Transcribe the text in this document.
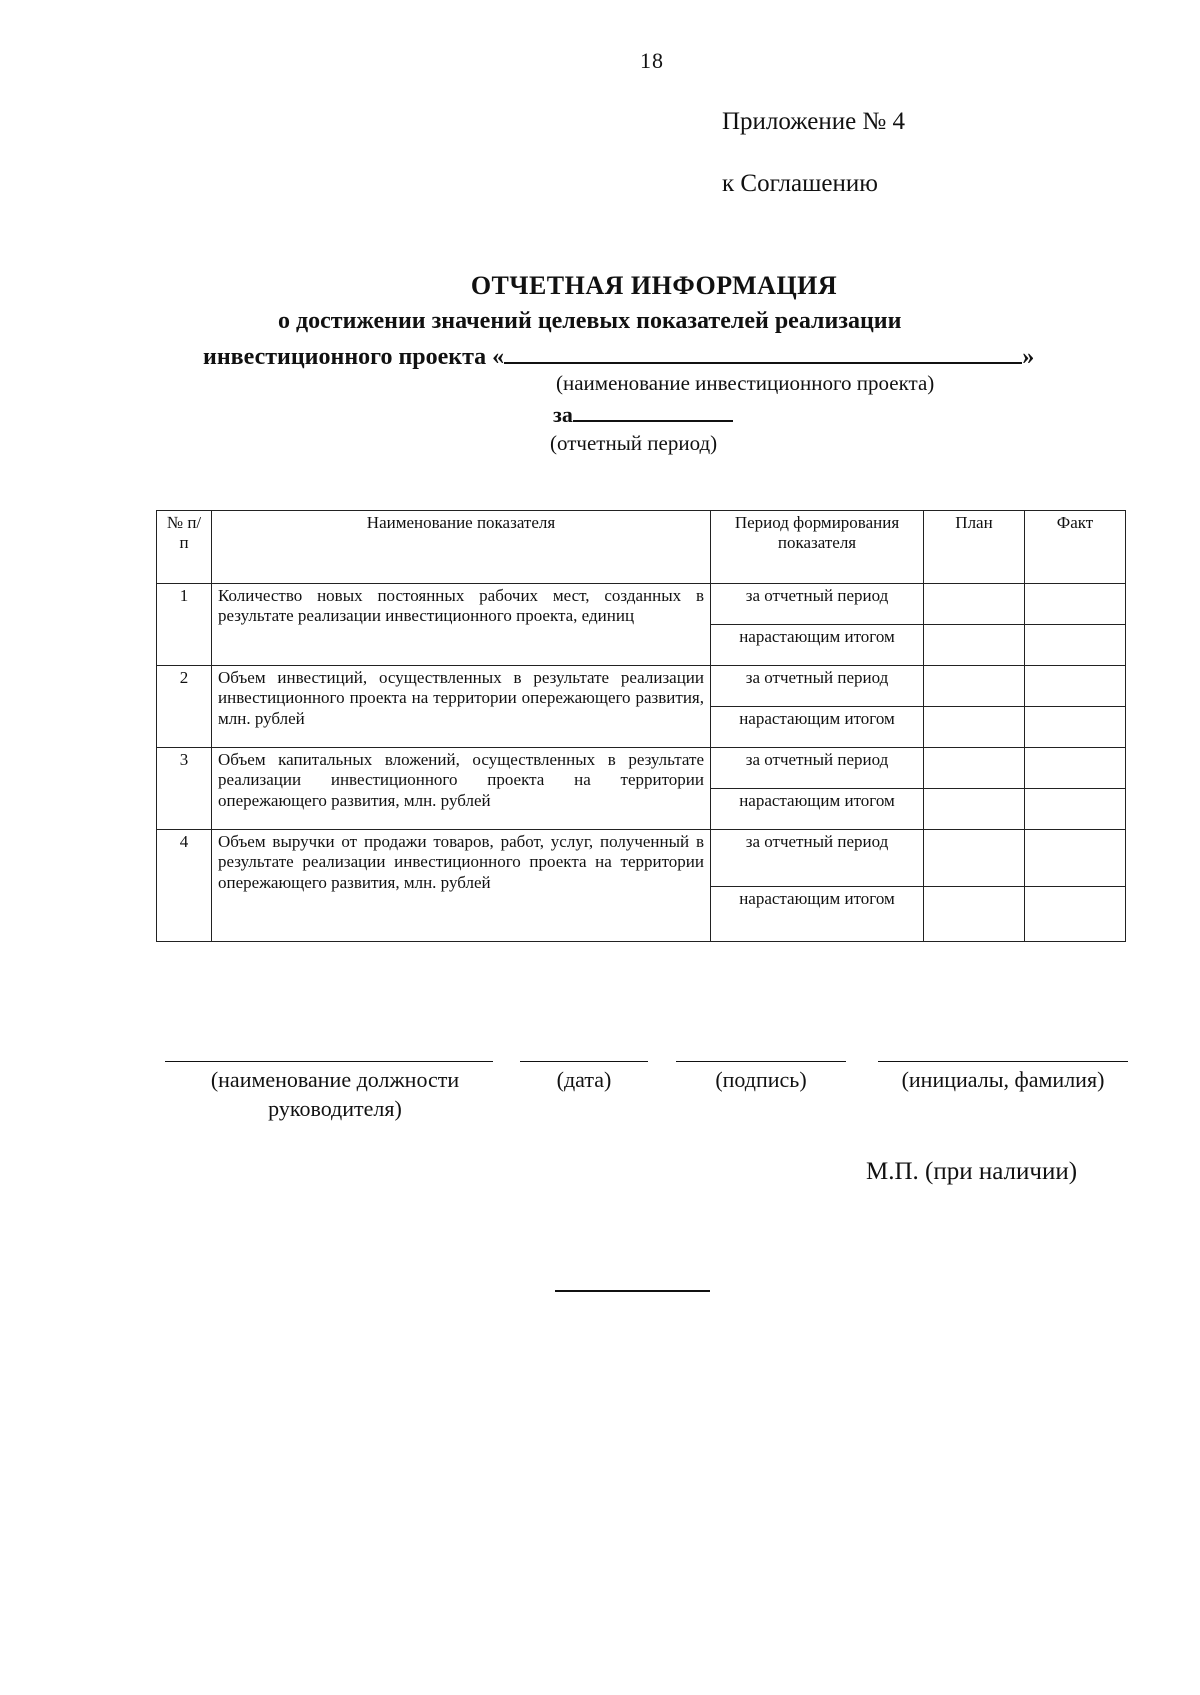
18
Приложение № 4
к Соглашению
ОТЧЕТНАЯ ИНФОРМАЦИЯ
о достижении значений целевых показателей реализации
инвестиционного проекта «	»
(наименование инвестиционного проекта)
за
(отчетный период)
№ п/п	Наименование показателя	Период формирования показателя	План	Факт
1	Количество новых постоянных рабочих мест, созданных в результате реализации инвестиционного проекта, единиц	за отчетный период		
		нарастающим итогом		
2	Объем инвестиций, осуществленных в результате реализации инвестиционного проекта на территории опережающего развития, млн. рублей	за отчетный период		
		нарастающим итогом		
3	Объем капитальных вложений, осуществленных в результате реализации инвестиционного проекта на территории опережающего развития, млн. рублей	за отчетный период		
		нарастающим итогом		
4	Объем выручки от продажи товаров, работ, услуг, полученный в результате реализации инвестиционного проекта на территории опережающего развития, млн. рублей	за отчетный период		
		нарастающим итогом		
(наименование должности руководителя)
(дата)	(подпись)	(инициалы, фамилия)
М.П. (при наличии)
